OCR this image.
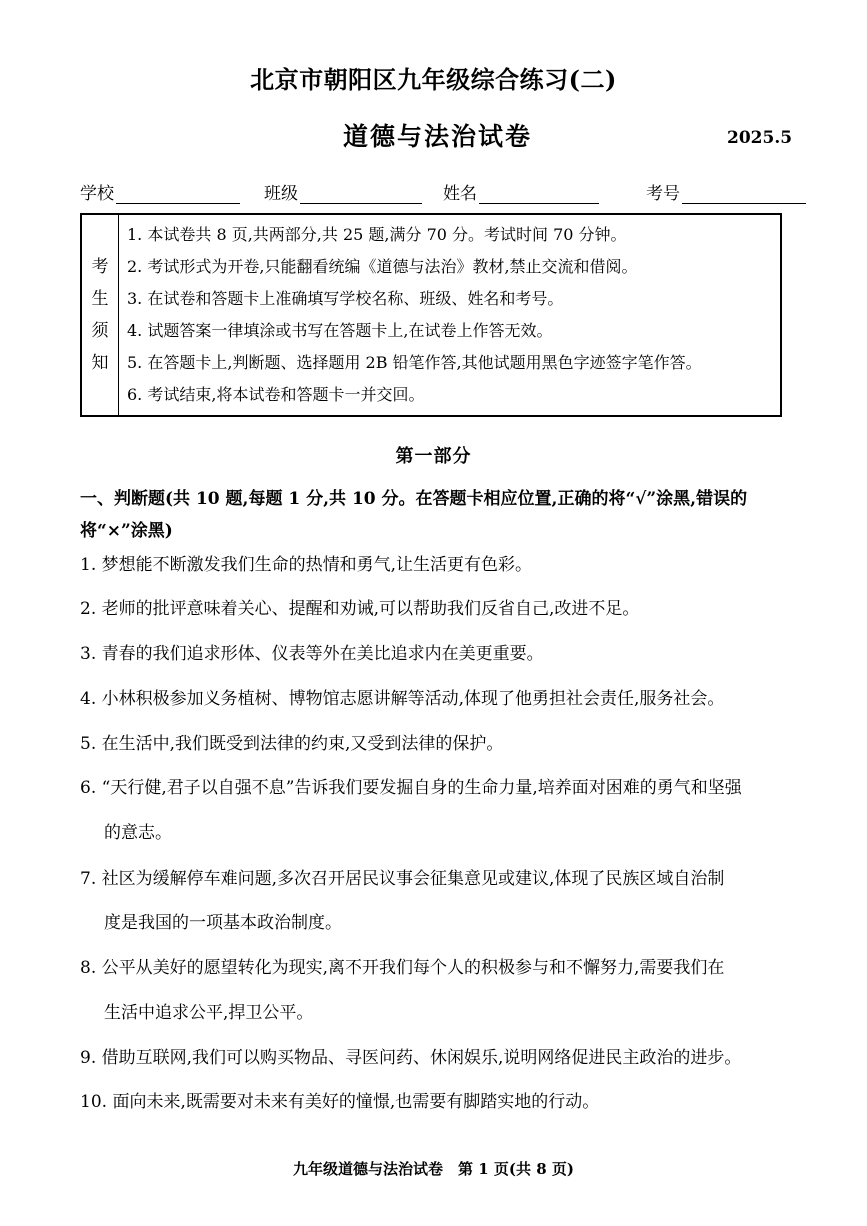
北京市朝阳区九年级综合练习(二)
道德与法治试卷	2025.5
学校	班级	姓名	考号
考
生
须
知

1. 本试卷共 8 页,共两部分,共 25 题,满分 70 分。考试时间 70 分钟。
2. 考试形式为开卷,只能翻看统编《道德与法治》教材,禁止交流和借阅。
3. 在试卷和答题卡上准确填写学校名称、班级、姓名和考号。
4. 试题答案一律填涂或书写在答题卡上,在试卷上作答无效。
5. 在答题卡上,判断题、选择题用 2B 铅笔作答,其他试题用黑色字迹签字笔作答。
6. 考试结束,将本试卷和答题卡一并交回。
第一部分
一、判断题(共 10 题,每题 1 分,共 10 分。在答题卡相应位置,正确的将“√”涂黑,错误的将“×”涂黑)
1. 梦想能不断激发我们生命的热情和勇气,让生活更有色彩。
2. 老师的批评意味着关心、提醒和劝诫,可以帮助我们反省自己,改进不足。
3. 青春的我们追求形体、仪表等外在美比追求内在美更重要。
4. 小林积极参加义务植树、博物馆志愿讲解等活动,体现了他勇担社会责任,服务社会。
5. 在生活中,我们既受到法律的约束,又受到法律的保护。
6. “天行健,君子以自强不息”告诉我们要发掘自身的生命力量,培养面对困难的勇气和坚强
的意志。
7. 社区为缓解停车难问题,多次召开居民议事会征集意见或建议,体现了民族区域自治制
度是我国的一项基本政治制度。
8. 公平从美好的愿望转化为现实,离不开我们每个人的积极参与和不懈努力,需要我们在
生活中追求公平,捍卫公平。
9. 借助互联网,我们可以购买物品、寻医问药、休闲娱乐,说明网络促进民主政治的进步。
10. 面向未来,既需要对未来有美好的憧憬,也需要有脚踏实地的行动。
九年级道德与法治试卷　第 1 页(共 8 页)
